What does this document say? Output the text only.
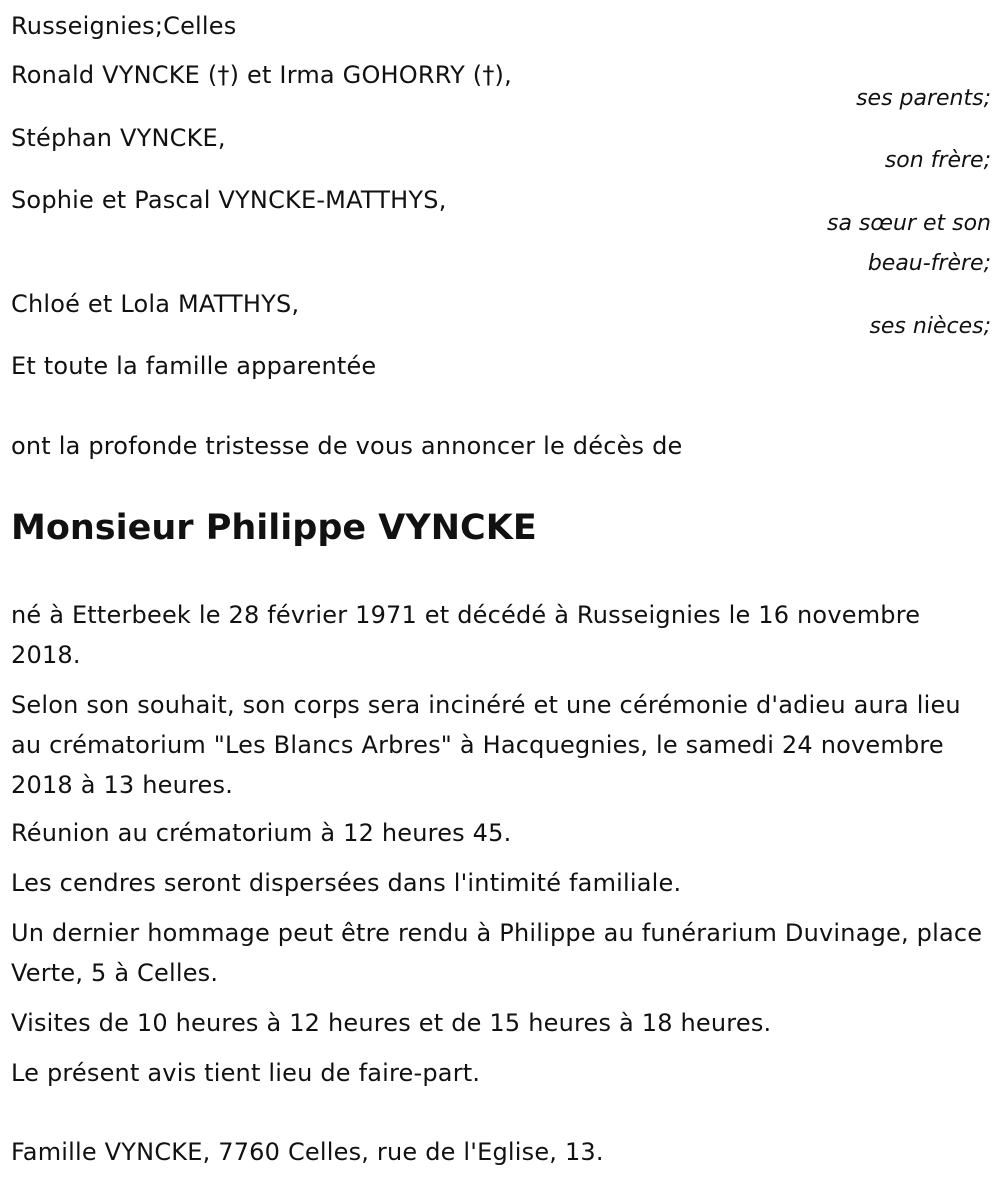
Russeignies;Celles
Ronald VYNCKE (†) et Irma GOHORRY (†),
ses parents;
Stéphan VYNCKE,
son frère;
Sophie et Pascal VYNCKE-MATTHYS,
sa sœur et son
beau-frère;
Chloé et Lola MATTHYS,
ses nièces;
Et toute la famille apparentée
ont la profonde tristesse de vous annoncer le décès de
Monsieur Philippe VYNCKE
né à Etterbeek le 28 février 1971 et décédé à Russeignies le 16 novembre 2018.
Selon son souhait, son corps sera incinéré et une cérémonie d'adieu aura lieu au crématorium "Les Blancs Arbres" à Hacquegnies, le samedi 24 novembre 2018 à 13 heures.
Réunion au crématorium à 12 heures 45.
Les cendres seront dispersées dans l'intimité familiale.
Un dernier hommage peut être rendu à Philippe au funérarium Duvinage, place Verte, 5 à Celles.
Visites de 10 heures à 12 heures et de 15 heures à 18 heures.
Le présent avis tient lieu de faire-part.
Famille VYNCKE, 7760 Celles, rue de l'Eglise, 13.
